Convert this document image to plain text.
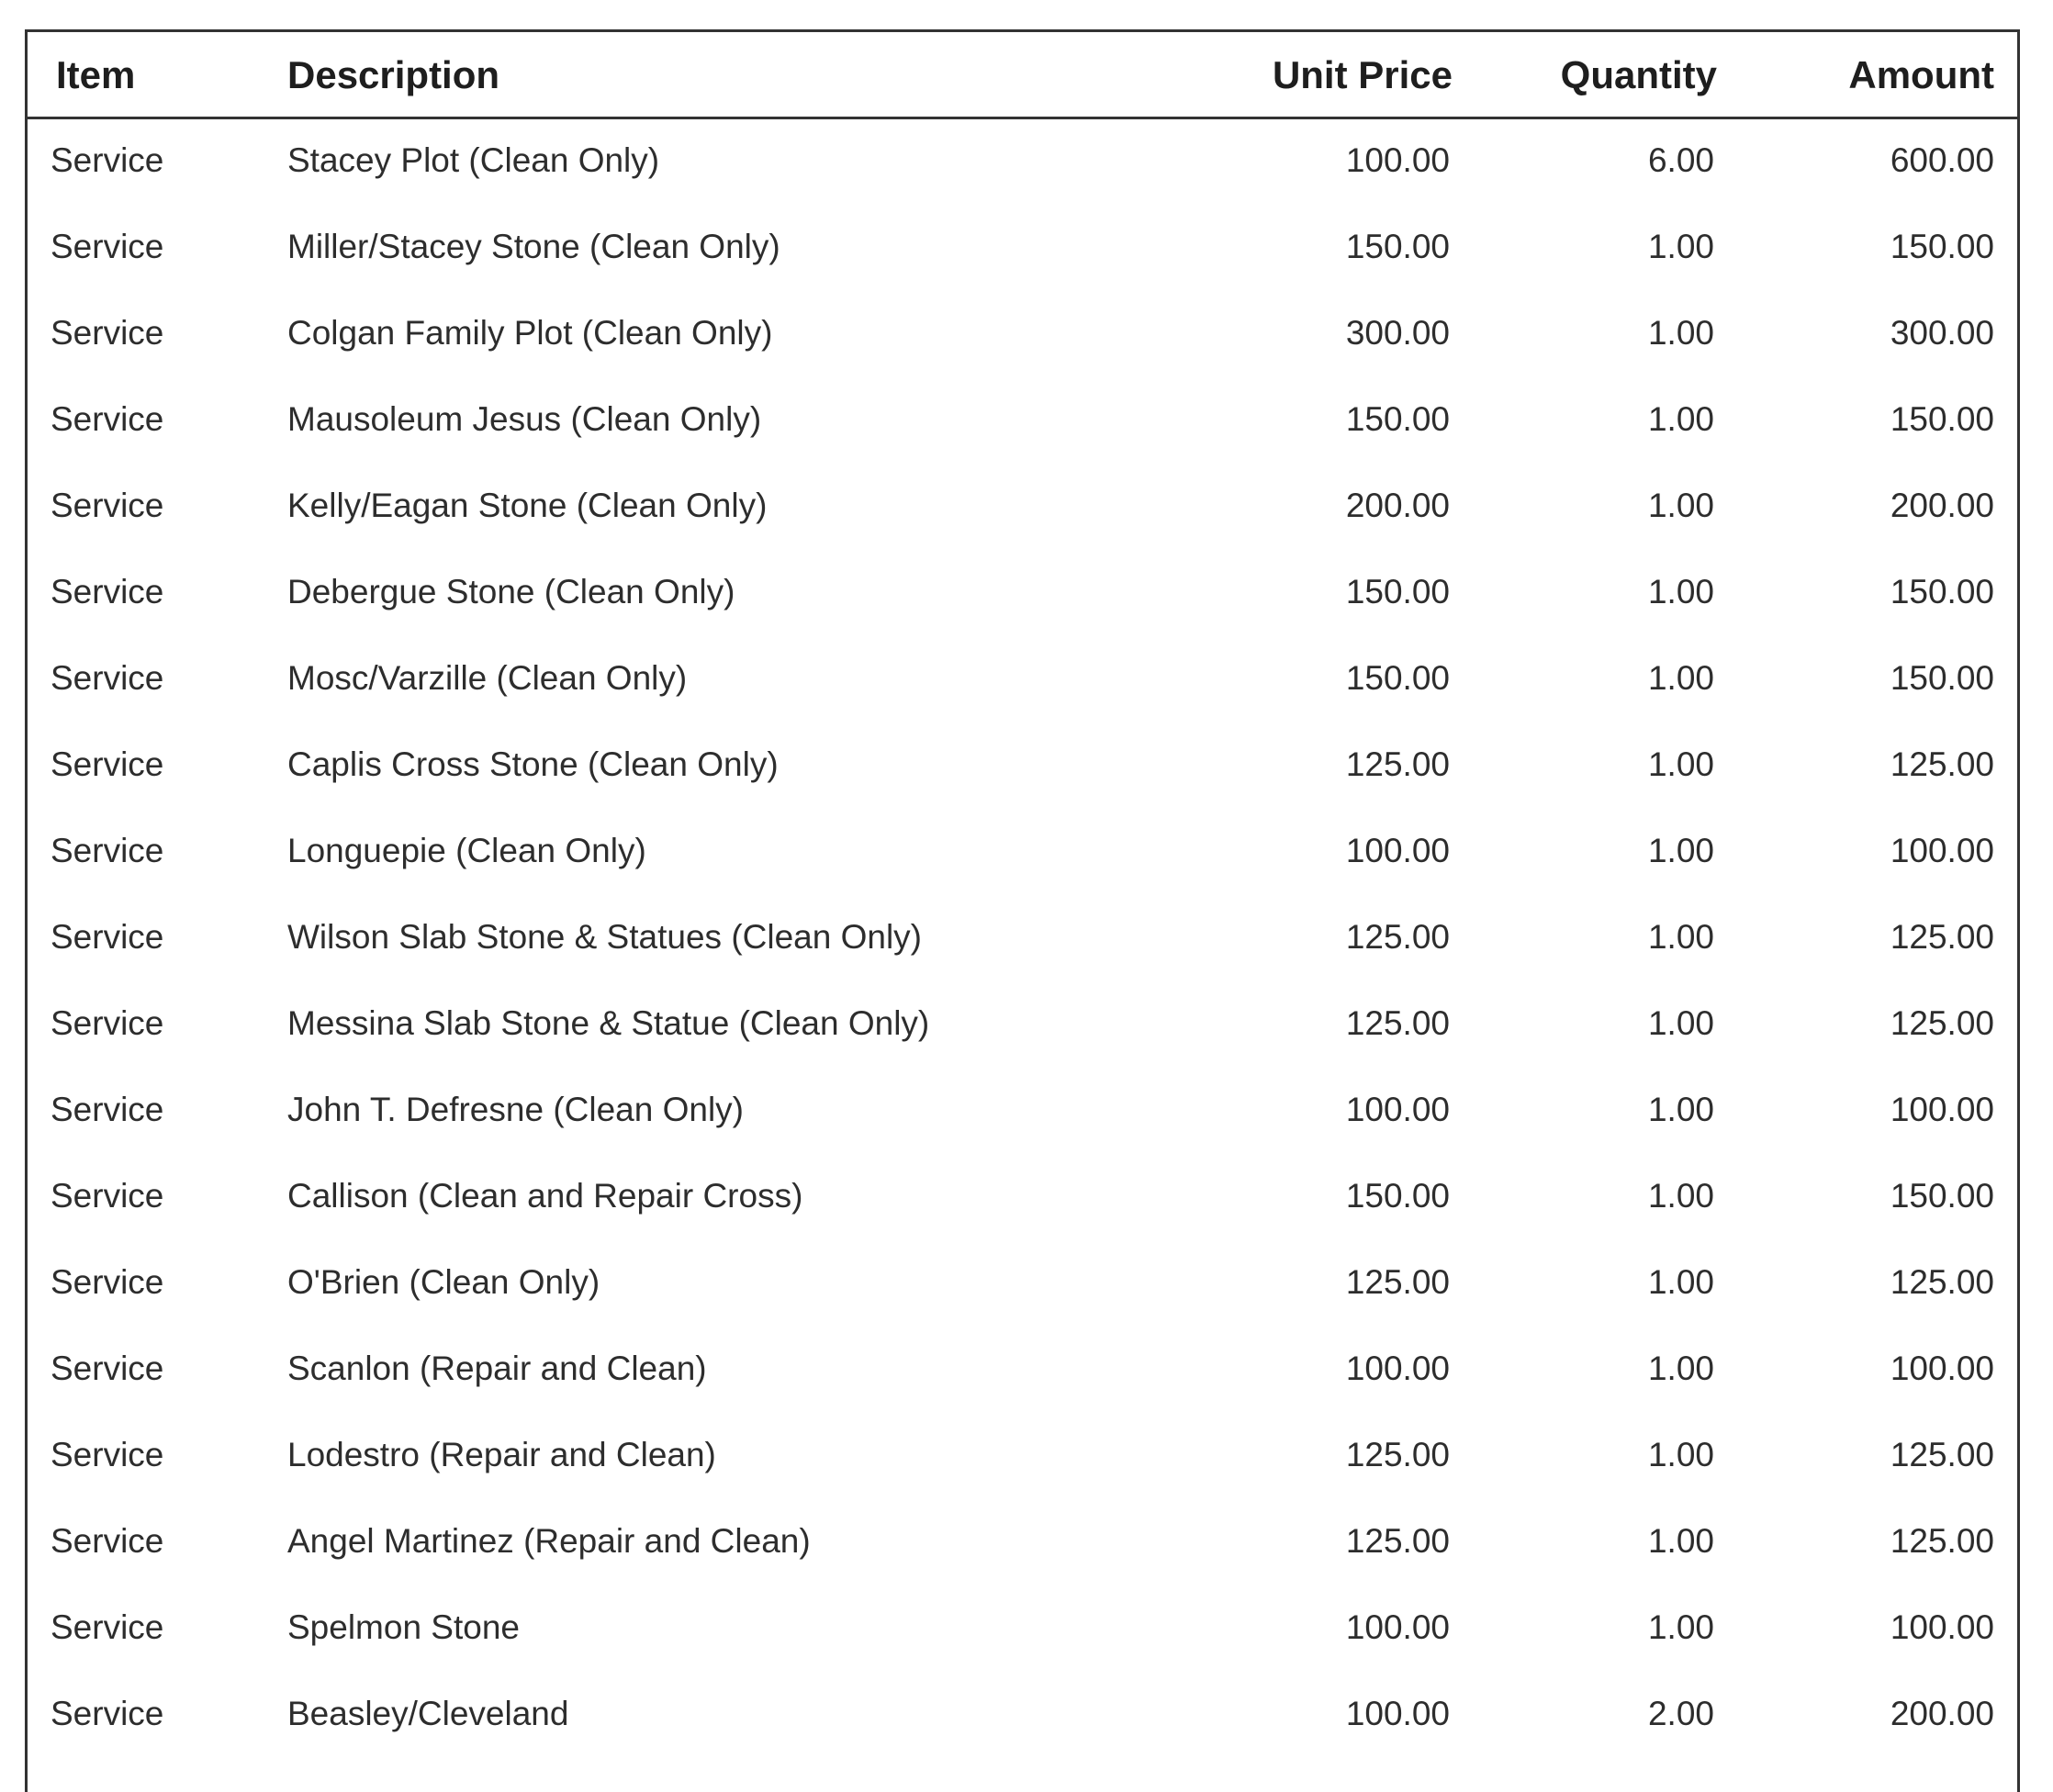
Item	Description	Unit Price	Quantity	Amount
Service	Stacey Plot (Clean Only)	100.00	6.00	600.00
Service	Miller/Stacey Stone (Clean Only)	150.00	1.00	150.00
Service	Colgan Family Plot (Clean Only)	300.00	1.00	300.00
Service	Mausoleum Jesus (Clean Only)	150.00	1.00	150.00
Service	Kelly/Eagan Stone (Clean Only)	200.00	1.00	200.00
Service	Debergue Stone (Clean Only)	150.00	1.00	150.00
Service	Mosc/Varzille (Clean Only)	150.00	1.00	150.00
Service	Caplis Cross Stone (Clean Only)	125.00	1.00	125.00
Service	Longuepie (Clean Only)	100.00	1.00	100.00
Service	Wilson Slab Stone & Statues (Clean Only)	125.00	1.00	125.00
Service	Messina Slab Stone & Statue (Clean Only)	125.00	1.00	125.00
Service	John T. Defresne (Clean Only)	100.00	1.00	100.00
Service	Callison (Clean and Repair Cross)	150.00	1.00	150.00
Service	O'Brien (Clean Only)	125.00	1.00	125.00
Service	Scanlon (Repair and Clean)	100.00	1.00	100.00
Service	Lodestro (Repair and Clean)	125.00	1.00	125.00
Service	Angel Martinez (Repair and Clean)	125.00	1.00	125.00
Service	Spelmon Stone	100.00	1.00	100.00
Service	Beasley/Cleveland	100.00	2.00	200.00
